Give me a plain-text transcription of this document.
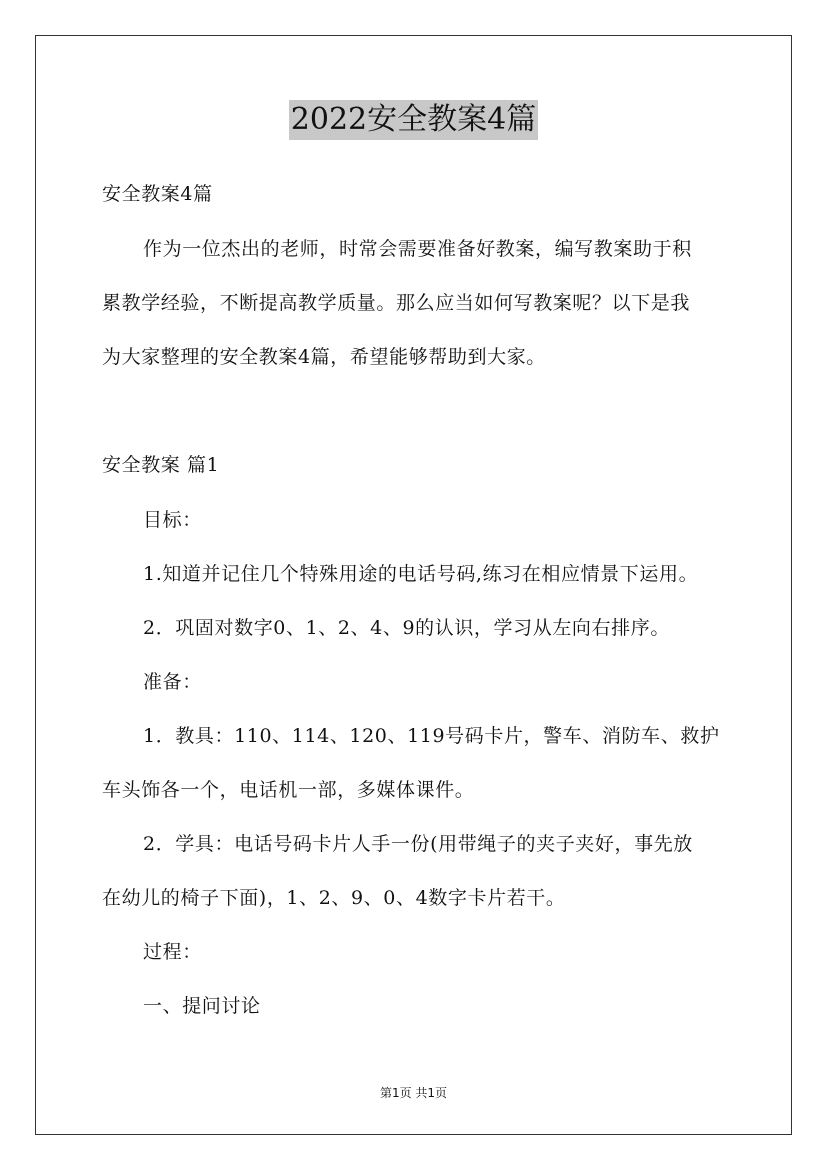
2022安全教案4篇
安全教案4篇
作为一位杰出的老师，时常会需要准备好教案，编写教案助于积
累教学经验，不断提高教学质量。那么应当如何写教案呢？以下是我
为大家整理的安全教案4篇，希望能够帮助到大家。
安全教案 篇1
目标：
1.知道并记住几个特殊用途的电话号码,练习在相应情景下运用。
2．巩固对数字0、1、2、4、9的认识，学习从左向右排序。
准备：
1．教具：110、114、120、119号码卡片，警车、消防车、救护
车头饰各一个，电话机一部，多媒体课件。
2．学具：电话号码卡片人手一份(用带绳子的夹子夹好，事先放
在幼儿的椅子下面)，1、2、9、0、4数字卡片若干。
过程：
一、提问讨论
第1页 共1页
